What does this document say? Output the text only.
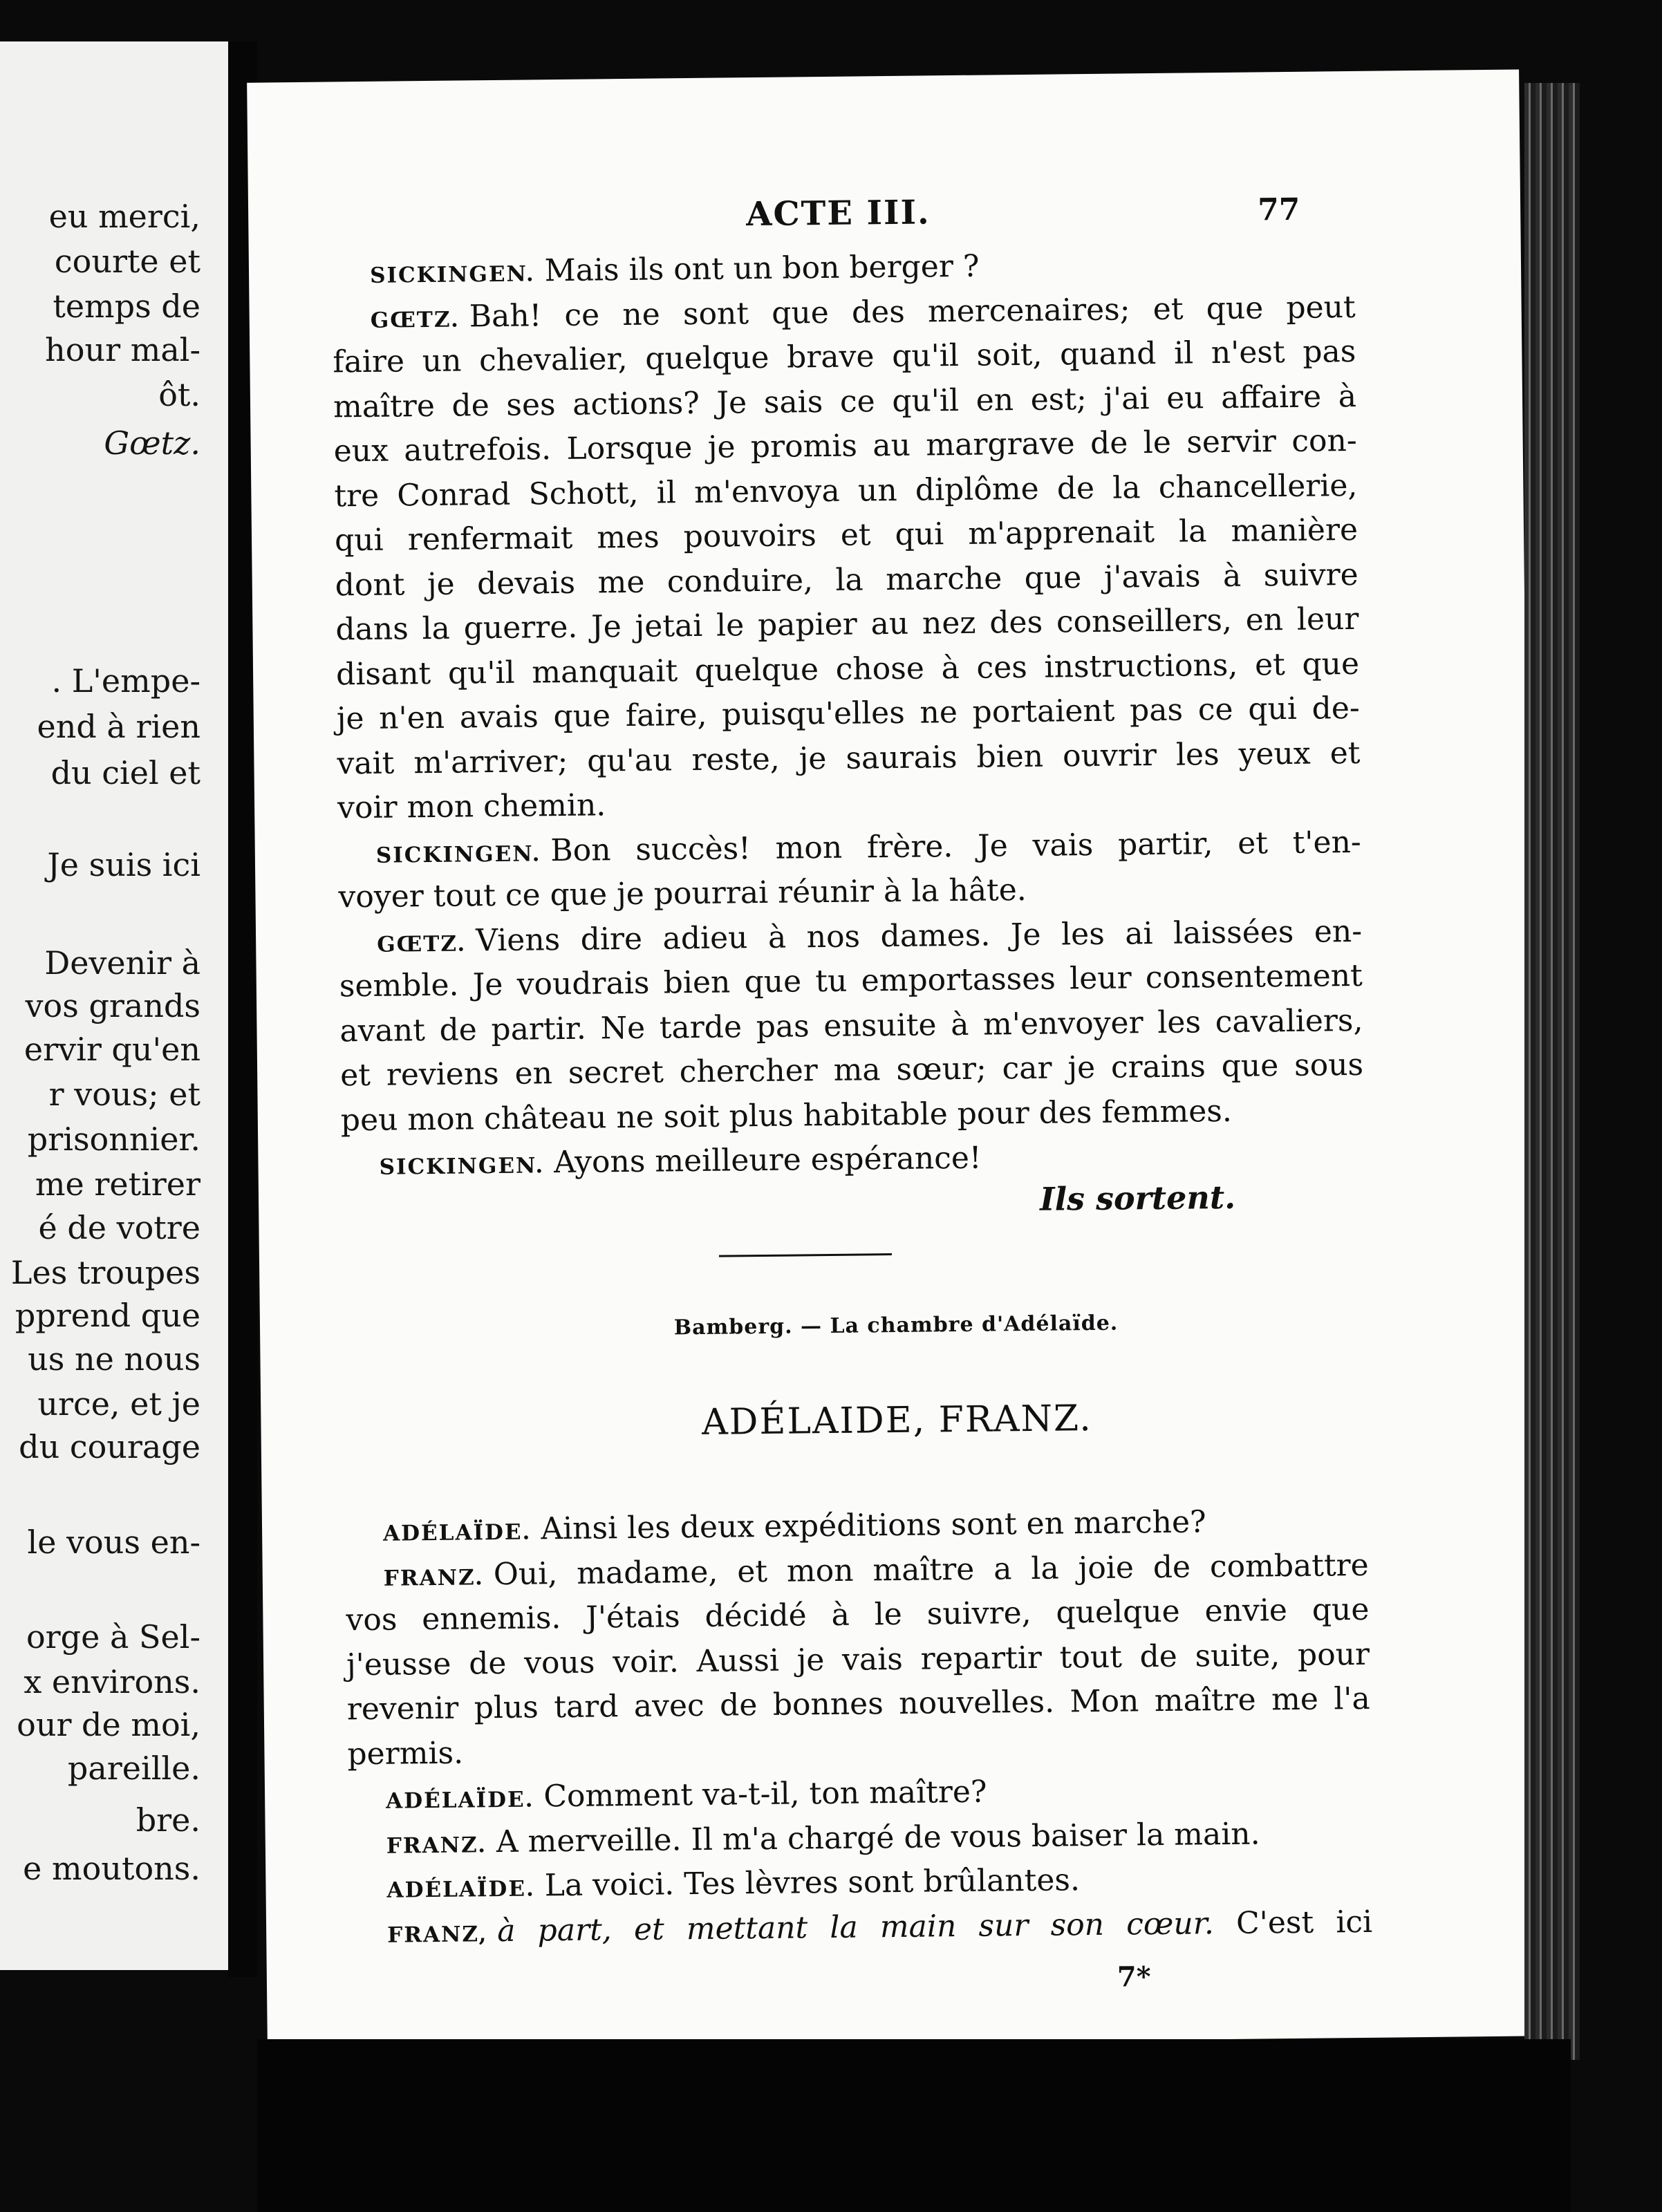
eu merci,
courte et
temps de
hour mal-
ôt.
Gœtz.
. L'empe-
end à rien
du ciel et
Je suis ici
Devenir à
vos grands
ervir qu'en
r vous; et
prisonnier.
me retirer
é de votre
Les troupes
pprend que
us ne nous
urce, et je
du courage
le vous en-
orge à Sel-
x environs.
our de moi,
pareille.
bre.
e moutons.
ACTE III.	77
SICKINGEN. Mais ils ont un bon berger ?
GŒTZ. Bah! ce ne sont que des mercenaires; et que peut
faire un chevalier, quelque brave qu'il soit, quand il n'est pas
maître de ses actions? Je sais ce qu'il en est; j'ai eu affaire à
eux autrefois. Lorsque je promis au margrave de le servir con-
tre Conrad Schott, il m'envoya un diplôme de la chancellerie,
qui renfermait mes pouvoirs et qui m'apprenait la manière
dont je devais me conduire, la marche que j'avais à suivre
dans la guerre. Je jetai le papier au nez des conseillers, en leur
disant qu'il manquait quelque chose à ces instructions, et que
je n'en avais que faire, puisqu'elles ne portaient pas ce qui de-
vait m'arriver; qu'au reste, je saurais bien ouvrir les yeux et
voir mon chemin.
SICKINGEN. Bon succès! mon frère. Je vais partir, et t'en-
voyer tout ce que je pourrai réunir à la hâte.
GŒTZ. Viens dire adieu à nos dames. Je les ai laissées en-
semble. Je voudrais bien que tu emportasses leur consentement
avant de partir. Ne tarde pas ensuite à m'envoyer les cavaliers,
et reviens en secret chercher ma sœur; car je crains que sous
peu mon château ne soit plus habitable pour des femmes.
SICKINGEN. Ayons meilleure espérance!
Ils sortent.
Bamberg. — La chambre d'Adélaïde.
ADÉLAIDE, FRANZ.
ADÉLAÏDE. Ainsi les deux expéditions sont en marche?
FRANZ. Oui, madame, et mon maître a la joie de combattre
vos ennemis. J'étais décidé à le suivre, quelque envie que
j'eusse de vous voir. Aussi je vais repartir tout de suite, pour
revenir plus tard avec de bonnes nouvelles. Mon maître me l'a
permis.
ADÉLAÏDE. Comment va-t-il, ton maître?
FRANZ. A merveille. Il m'a chargé de vous baiser la main.
ADÉLAÏDE. La voici. Tes lèvres sont brûlantes.
FRANZ, à part, et mettant la main sur son cœur. C'est ici
7*
